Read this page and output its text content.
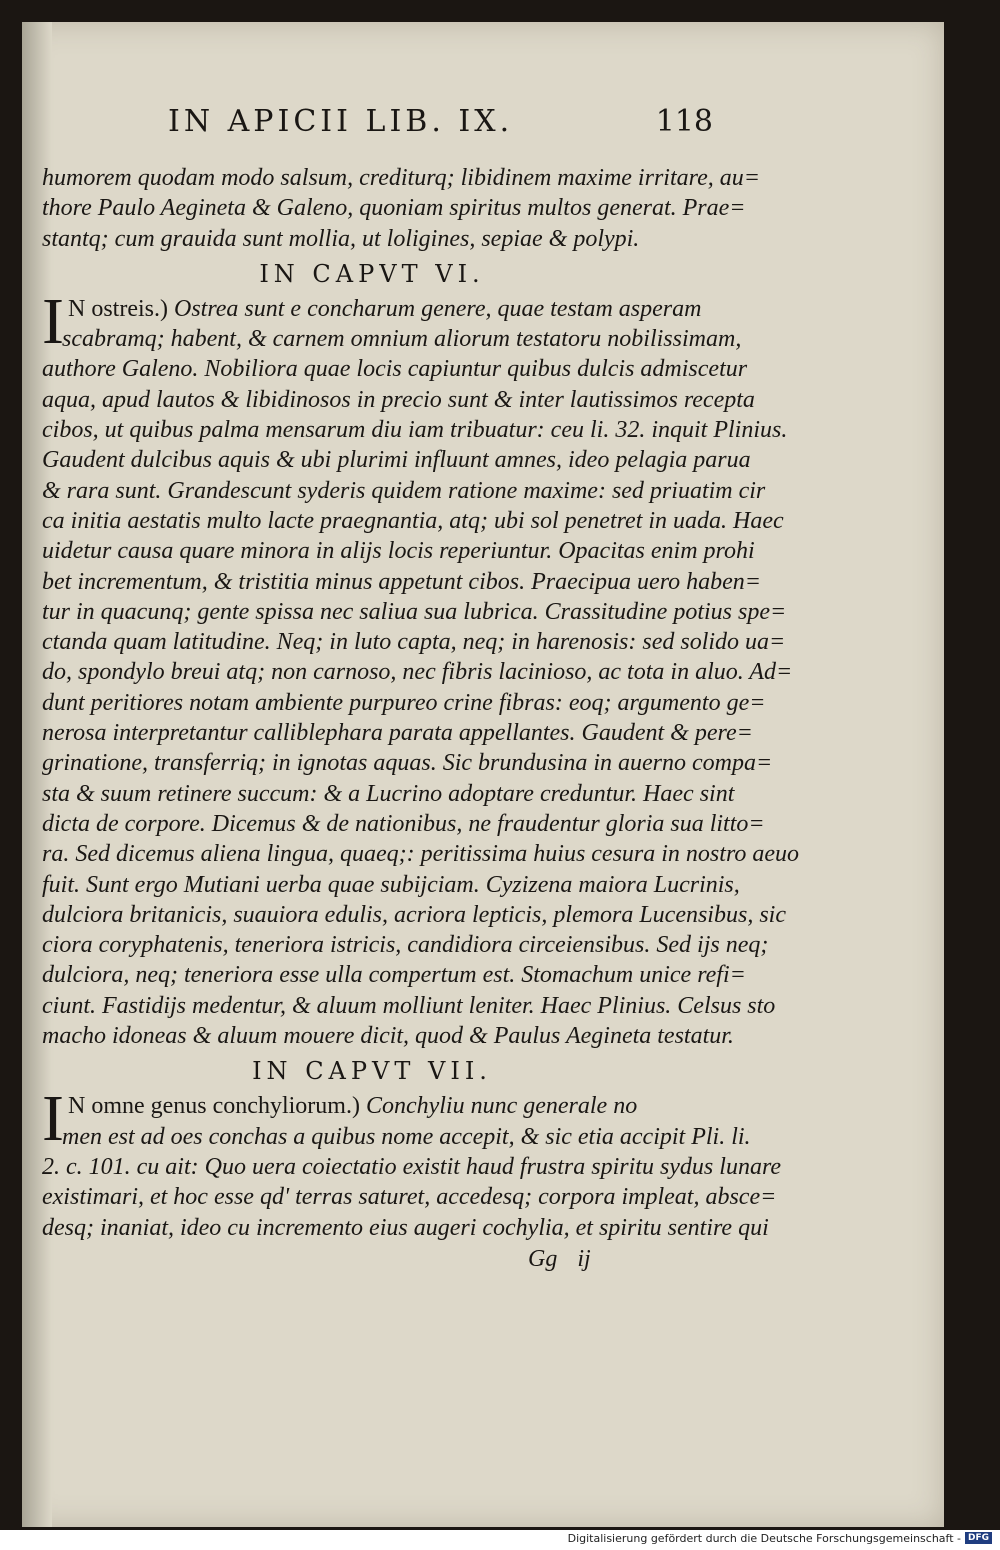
IN APICII LIB. IX.	118
humorem quodam modo salsum, crediturq; libidinem maxime irritare, au=
thore Paulo Aegineta & Galeno, quoniam spiritus multos generat. Prae=
stantq; cum grauida sunt mollia, ut loligines, sepiae & polypi.
IN CAPVT VI.
I N ostreis.) Ostrea sunt e concharum genere, quae testam asperam
scabramq; habent, & carnem omnium aliorum testatoru nobilissimam,
authore Galeno. Nobiliora quae locis capiuntur quibus dulcis admiscetur
aqua, apud lautos & libidinosos in precio sunt & inter lautissimos recepta
cibos, ut quibus palma mensarum diu iam tribuatur: ceu li. 32. inquit Plinius.
Gaudent dulcibus aquis & ubi plurimi influunt amnes, ideo pelagia parua
& rara sunt. Grandescunt syderis quidem ratione maxime: sed priuatim cir
ca initia aestatis multo lacte praegnantia, atq; ubi sol penetret in uada. Haec
uidetur causa quare minora in alijs locis reperiuntur. Opacitas enim prohi
bet incrementum, & tristitia minus appetunt cibos. Praecipua uero haben=
tur in quacunq; gente spissa nec saliua sua lubrica. Crassitudine potius spe=
ctanda quam latitudine. Neq; in luto capta, neq; in harenosis: sed solido ua=
do, spondylo breui atq; non carnoso, nec fibris lacinioso, ac tota in aluo. Ad=
dunt peritiores notam ambiente purpureo crine fibras: eoq; argumento ge=
nerosa interpretantur calliblephara parata appellantes. Gaudent & pere=
grinatione, transferriq; in ignotas aquas. Sic brundusina in auerno compa=
sta & suum retinere succum: & a Lucrino adoptare creduntur. Haec sint
dicta de corpore. Dicemus & de nationibus, ne fraudentur gloria sua litto=
ra. Sed dicemus aliena lingua, quaeq;: peritissima huius cesura in nostro aeuo
fuit. Sunt ergo Mutiani uerba quae subijciam. Cyzizena maiora Lucrinis,
dulciora britanicis, suauiora edulis, acriora lepticis, plemora Lucensibus, sic
ciora coryphatenis, teneriora istricis, candidiora circeiensibus. Sed ijs neq;
dulciora, neq; teneriora esse ulla compertum est. Stomachum unice refi=
ciunt. Fastidijs medentur, & aluum molliunt leniter. Haec Plinius. Celsus sto
macho idoneas & aluum mouere dicit, quod & Paulus Aegineta testatur.
IN CAPVT VII.
I N omne genus conchyliorum.) Conchyliu nunc generale no
men est ad oes conchas a quibus nome accepit, & sic etia accipit Pli. li.
2. c. 101. cu ait: Quo uera coiectatio existit haud frustra spiritu sydus lunare
existimari, et hoc esse qd' terras saturet, accedesq; corpora impleat, absce=
desq; inaniat, ideo cu incremento eius augeri cochylia, et spiritu sentire qui
Gg ij
Digitalisierung gefördert durch die Deutsche Forschungsgemeinschaft - DFG
